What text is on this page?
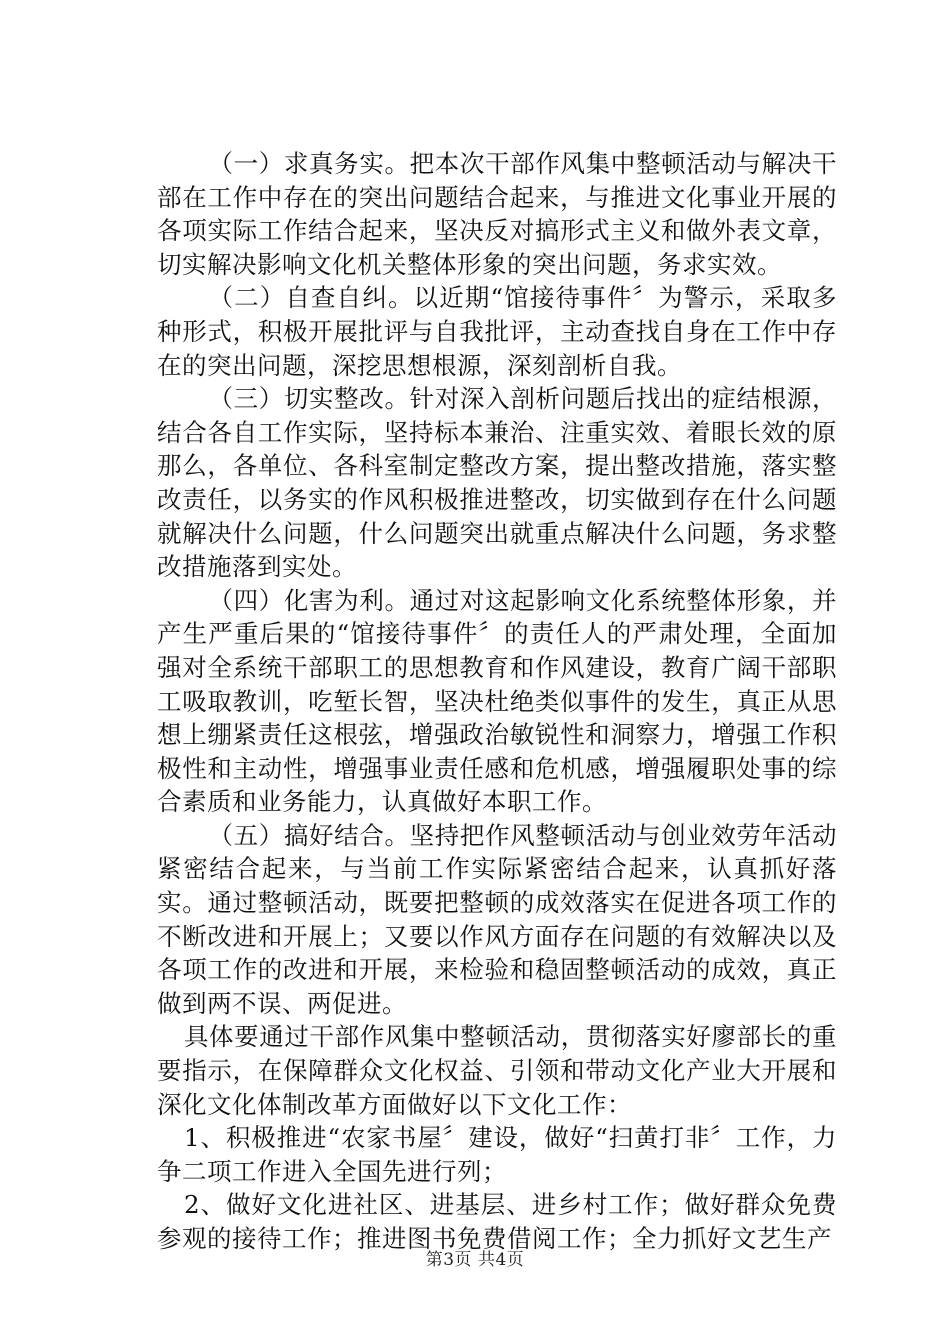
（一）求真务实。把本次干部作风集中整顿活动与解决干部在工作中存在的突出问题结合起来，与推进文化事业开展的各项实际工作结合起来，坚决反对搞形式主义和做外表文章，切实解决影响文化机关整体形象的突出问题，务求实效。

（二）自查自纠。以近期“馆接待事件〞为警示，采取多种形式，积极开展批评与自我批评，主动查找自身在工作中存在的突出问题，深挖思想根源，深刻剖析自我。

（三）切实整改。针对深入剖析问题后找出的症结根源，结合各自工作实际，坚持标本兼治、注重实效、着眼长效的原那么，各单位、各科室制定整改方案，提出整改措施，落实整改责任，以务实的作风积极推进整改，切实做到存在什么问题就解决什么问题，什么问题突出就重点解决什么问题，务求整改措施落到实处。

（四）化害为利。通过对这起影响文化系统整体形象，并产生严重后果的“馆接待事件〞的责任人的严肃处理，全面加强对全系统干部职工的思想教育和作风建设，教育广阔干部职工吸取教训，吃堑长智，坚决杜绝类似事件的发生，真正从思想上绷紧责任这根弦，增强政治敏锐性和洞察力，增强工作积极性和主动性，增强事业责任感和危机感，增强履职处事的综合素质和业务能力，认真做好本职工作。

（五）搞好结合。坚持把作风整顿活动与创业效劳年活动紧密结合起来，与当前工作实际紧密结合起来，认真抓好落实。通过整顿活动，既要把整顿的成效落实在促进各项工作的不断改进和开展上；又要以作风方面存在问题的有效解决以及各项工作的改进和开展，来检验和稳固整顿活动的成效，真正做到两不误、两促进。

具体要通过干部作风集中整顿活动，贯彻落实好廖部长的重要指示，在保障群众文化权益、引领和带动文化产业大开展和深化文化体制改革方面做好以下文化工作：

1、积极推进“农家书屋〞建设，做好“扫黄打非〞工作，力争二项工作进入全国先进行列；

2、做好文化进社区、进基层、进乡村工作；做好群众免费参观的接待工作；推进图书免费借阅工作；全力抓好文艺生产

第3页 共4页
